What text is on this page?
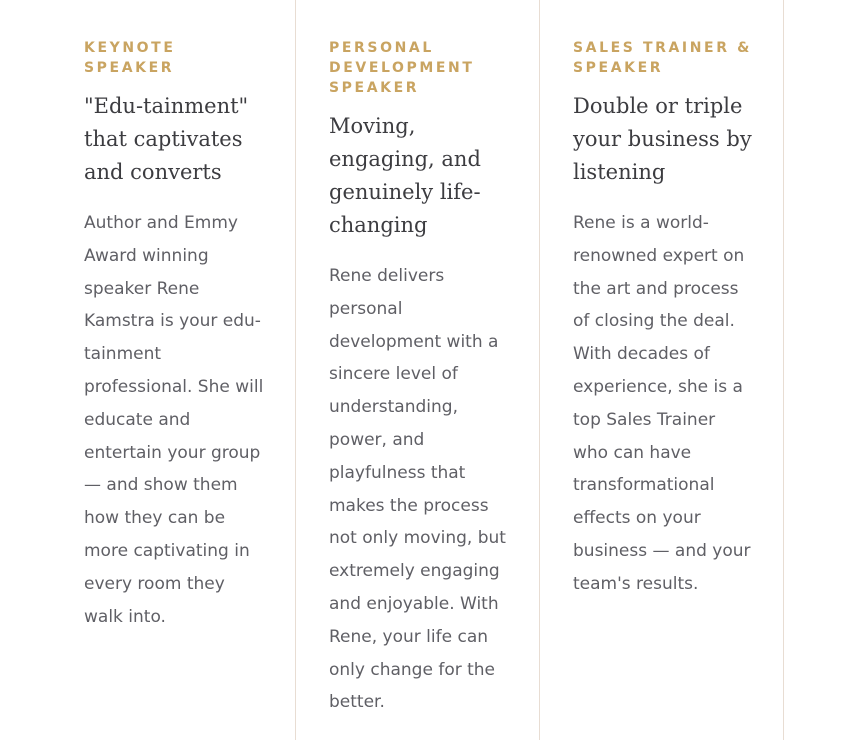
KEYNOTE SPEAKER
"Edu-tainment" that captivates and converts

Author and Emmy Award winning speaker Rene Kamstra is your edu-tainment professional. She will educate and entertain your group — and show them how they can be more captivating in every room they walk into.

PERSONAL DEVELOPMENT SPEAKER
Moving, engaging, and genuinely life-changing

Rene delivers personal development with a sincere level of understanding, power, and playfulness that makes the process not only moving, but extremely engaging and enjoyable. With Rene, your life can only change for the better.

SALES TRAINER & SPEAKER
Double or triple your business by listening

Rene is a world-renowned expert on the art and process of closing the deal. With decades of experience, she is a top Sales Trainer who can have transformational effects on your business — and your team's results.
